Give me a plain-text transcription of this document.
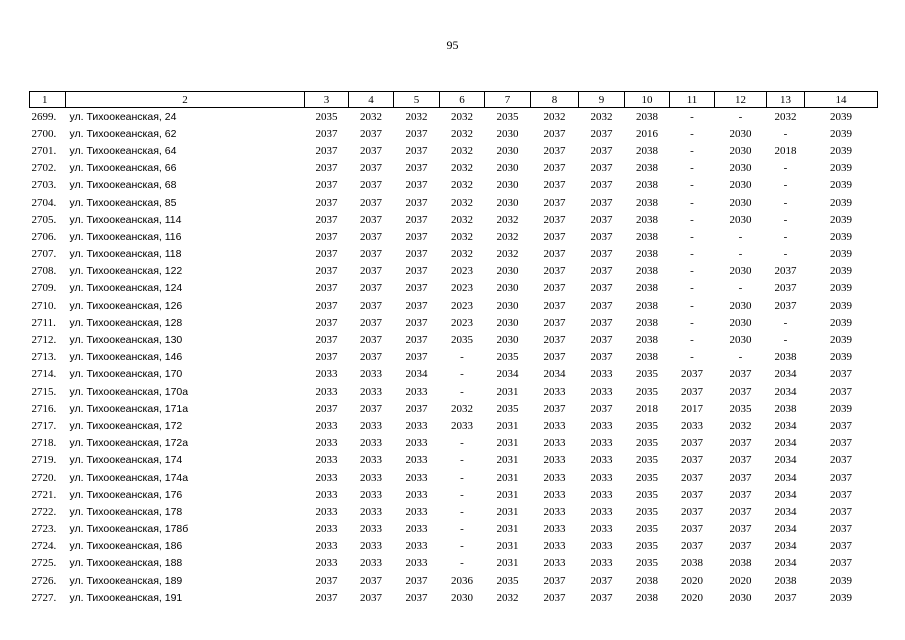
95
1	2	3	4	5	6	7	8	9	10	11	12	13	14
2699.	ул. Тихоокеанская, 24	2035	2032	2032	2032	2035	2032	2032	2038	-	-	2032	2039
2700.	ул. Тихоокеанская, 62	2037	2037	2037	2032	2030	2037	2037	2016	-	2030	-	2039
2701.	ул. Тихоокеанская, 64	2037	2037	2037	2032	2030	2037	2037	2038	-	2030	2018	2039
2702.	ул. Тихоокеанская, 66	2037	2037	2037	2032	2030	2037	2037	2038	-	2030	-	2039
2703.	ул. Тихоокеанская, 68	2037	2037	2037	2032	2030	2037	2037	2038	-	2030	-	2039
2704.	ул. Тихоокеанская, 85	2037	2037	2037	2032	2030	2037	2037	2038	-	2030	-	2039
2705.	ул. Тихоокеанская, 114	2037	2037	2037	2032	2032	2037	2037	2038	-	2030	-	2039
2706.	ул. Тихоокеанская, 116	2037	2037	2037	2032	2032	2037	2037	2038	-	-	-	2039
2707.	ул. Тихоокеанская, 118	2037	2037	2037	2032	2032	2037	2037	2038	-	-	-	2039
2708.	ул. Тихоокеанская, 122	2037	2037	2037	2023	2030	2037	2037	2038	-	2030	2037	2039
2709.	ул. Тихоокеанская, 124	2037	2037	2037	2023	2030	2037	2037	2038	-	-	2037	2039
2710.	ул. Тихоокеанская, 126	2037	2037	2037	2023	2030	2037	2037	2038	-	2030	2037	2039
2711.	ул. Тихоокеанская, 128	2037	2037	2037	2023	2030	2037	2037	2038	-	2030	-	2039
2712.	ул. Тихоокеанская, 130	2037	2037	2037	2035	2030	2037	2037	2038	-	2030	-	2039
2713.	ул. Тихоокеанская, 146	2037	2037	2037	-	2035	2037	2037	2038	-	-	2038	2039
2714.	ул. Тихоокеанская, 170	2033	2033	2034	-	2034	2034	2033	2035	2037	2037	2034	2037
2715.	ул. Тихоокеанская, 170а	2033	2033	2033	-	2031	2033	2033	2035	2037	2037	2034	2037
2716.	ул. Тихоокеанская, 171а	2037	2037	2037	2032	2035	2037	2037	2018	2017	2035	2038	2039
2717.	ул. Тихоокеанская, 172	2033	2033	2033	2033	2031	2033	2033	2035	2033	2032	2034	2037
2718.	ул. Тихоокеанская, 172а	2033	2033	2033	-	2031	2033	2033	2035	2037	2037	2034	2037
2719.	ул. Тихоокеанская, 174	2033	2033	2033	-	2031	2033	2033	2035	2037	2037	2034	2037
2720.	ул. Тихоокеанская, 174а	2033	2033	2033	-	2031	2033	2033	2035	2037	2037	2034	2037
2721.	ул. Тихоокеанская, 176	2033	2033	2033	-	2031	2033	2033	2035	2037	2037	2034	2037
2722.	ул. Тихоокеанская, 178	2033	2033	2033	-	2031	2033	2033	2035	2037	2037	2034	2037
2723.	ул. Тихоокеанская, 178б	2033	2033	2033	-	2031	2033	2033	2035	2037	2037	2034	2037
2724.	ул. Тихоокеанская, 186	2033	2033	2033	-	2031	2033	2033	2035	2037	2037	2034	2037
2725.	ул. Тихоокеанская, 188	2033	2033	2033	-	2031	2033	2033	2035	2038	2038	2034	2037
2726.	ул. Тихоокеанская, 189	2037	2037	2037	2036	2035	2037	2037	2038	2020	2020	2038	2039
2727.	ул. Тихоокеанская, 191	2037	2037	2037	2030	2032	2037	2037	2038	2020	2030	2037	2039
